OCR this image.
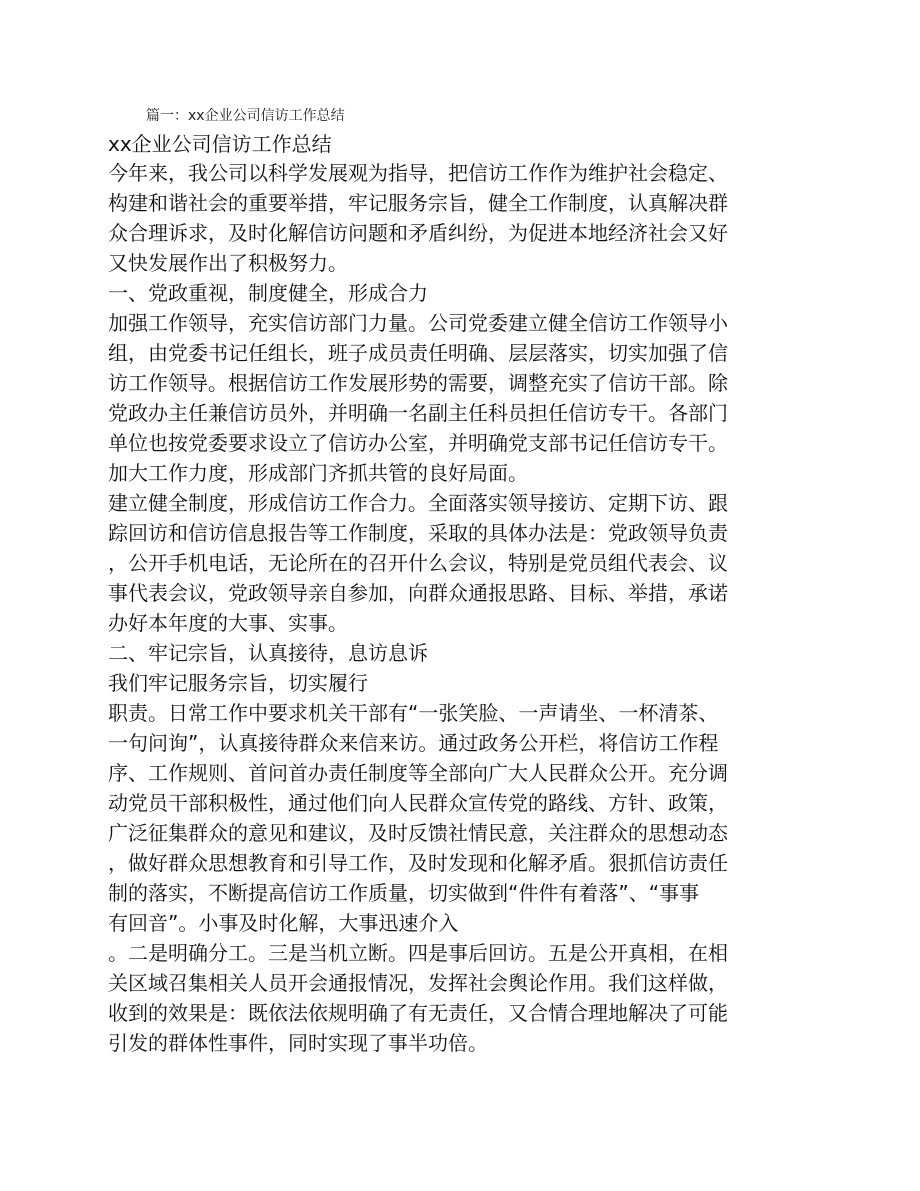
篇一：xx企业公司信访工作总结
xx企业公司信访工作总结
今年来，我公司以科学发展观为指导，把信访工作作为维护社会稳定、
构建和谐社会的重要举措，牢记服务宗旨，健全工作制度，认真解决群
众合理诉求，及时化解信访问题和矛盾纠纷，为促进本地经济社会又好
又快发展作出了积极努力。
一、党政重视，制度健全，形成合力
加强工作领导，充实信访部门力量。公司党委建立健全信访工作领导小
组，由党委书记任组长，班子成员责任明确、层层落实，切实加强了信
访工作领导。根据信访工作发展形势的需要，调整充实了信访干部。除
党政办主任兼信访员外，并明确一名副主任科员担任信访专干。各部门
单位也按党委要求设立了信访办公室，并明确党支部书记任信访专干。
加大工作力度，形成部门齐抓共管的良好局面。
建立健全制度，形成信访工作合力。全面落实领导接访、定期下访、跟
踪回访和信访信息报告等工作制度，采取的具体办法是：党政领导负责
，公开手机电话，无论所在的召开什么会议，特别是党员组代表会、议
事代表会议，党政领导亲自参加，向群众通报思路、目标、举措，承诺
办好本年度的大事、实事。
二、牢记宗旨，认真接待，息访息诉
我们牢记服务宗旨，切实履行
职责。日常工作中要求机关干部有“一张笑脸、一声请坐、一杯清茶、
一句问询”，认真接待群众来信来访。通过政务公开栏，将信访工作程
序、工作规则、首问首办责任制度等全部向广大人民群众公开。充分调
动党员干部积极性，通过他们向人民群众宣传党的路线、方针、政策，
广泛征集群众的意见和建议，及时反馈社情民意，关注群众的思想动态
，做好群众思想教育和引导工作，及时发现和化解矛盾。狠抓信访责任
制的落实，不断提高信访工作质量，切实做到“件件有着落”、“事事
有回音”。小事及时化解，大事迅速介入
。二是明确分工。三是当机立断。四是事后回访。五是公开真相，在相
关区域召集相关人员开会通报情况，发挥社会舆论作用。我们这样做，
收到的效果是：既依法依规明确了有无责任，又合情合理地解决了可能
引发的群体性事件，同时实现了事半功倍。
